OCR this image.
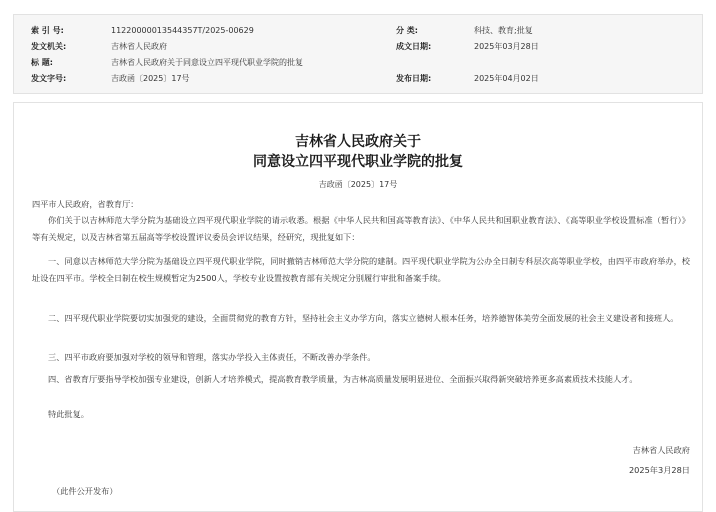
索 引 号:	11220000013544357T/2025-00629	分 类:	科技、教育;批复
发文机关:	吉林省人民政府	成文日期:	2025年03月28日
标 题:	吉林省人民政府关于同意设立四平现代职业学院的批复
发文字号:	吉政函〔2025〕17号	发布日期:	2025年04月02日
吉林省人民政府关于
同意设立四平现代职业学院的批复
吉政函〔2025〕17号

四平市人民政府，省教育厅：

你们关于以吉林师范大学分院为基础设立四平现代职业学院的请示收悉。根据《中华人民共和国高等教育法》、《中华人民共和国职业教育法》、《高等职业学校设置标准（暂行）》等有关规定，以及吉林省第五届高等学校设置评议委员会评议结果，经研究，现批复如下：

一、同意以吉林师范大学分院为基础设立四平现代职业学院，同时撤销吉林师范大学分院的建制。四平现代职业学院为公办全日制专科层次高等职业学校，由四平市政府举办，校址设在四平市。学校全日制在校生规模暂定为2500人，学校专业设置按教育部有关规定分别履行审批和备案手续。

二、四平现代职业学院要切实加强党的建设，全面贯彻党的教育方针，坚持社会主义办学方向，落实立德树人根本任务，培养德智体美劳全面发展的社会主义建设者和接班人。

三、四平市政府要加强对学校的领导和管理，落实办学投入主体责任，不断改善办学条件。

四、省教育厅要指导学校加强专业建设，创新人才培养模式，提高教育教学质量，为吉林高质量发展明显进位、全面振兴取得新突破培养更多高素质技术技能人才。

特此批复。

吉林省人民政府
2025年3月28日
（此件公开发布）
